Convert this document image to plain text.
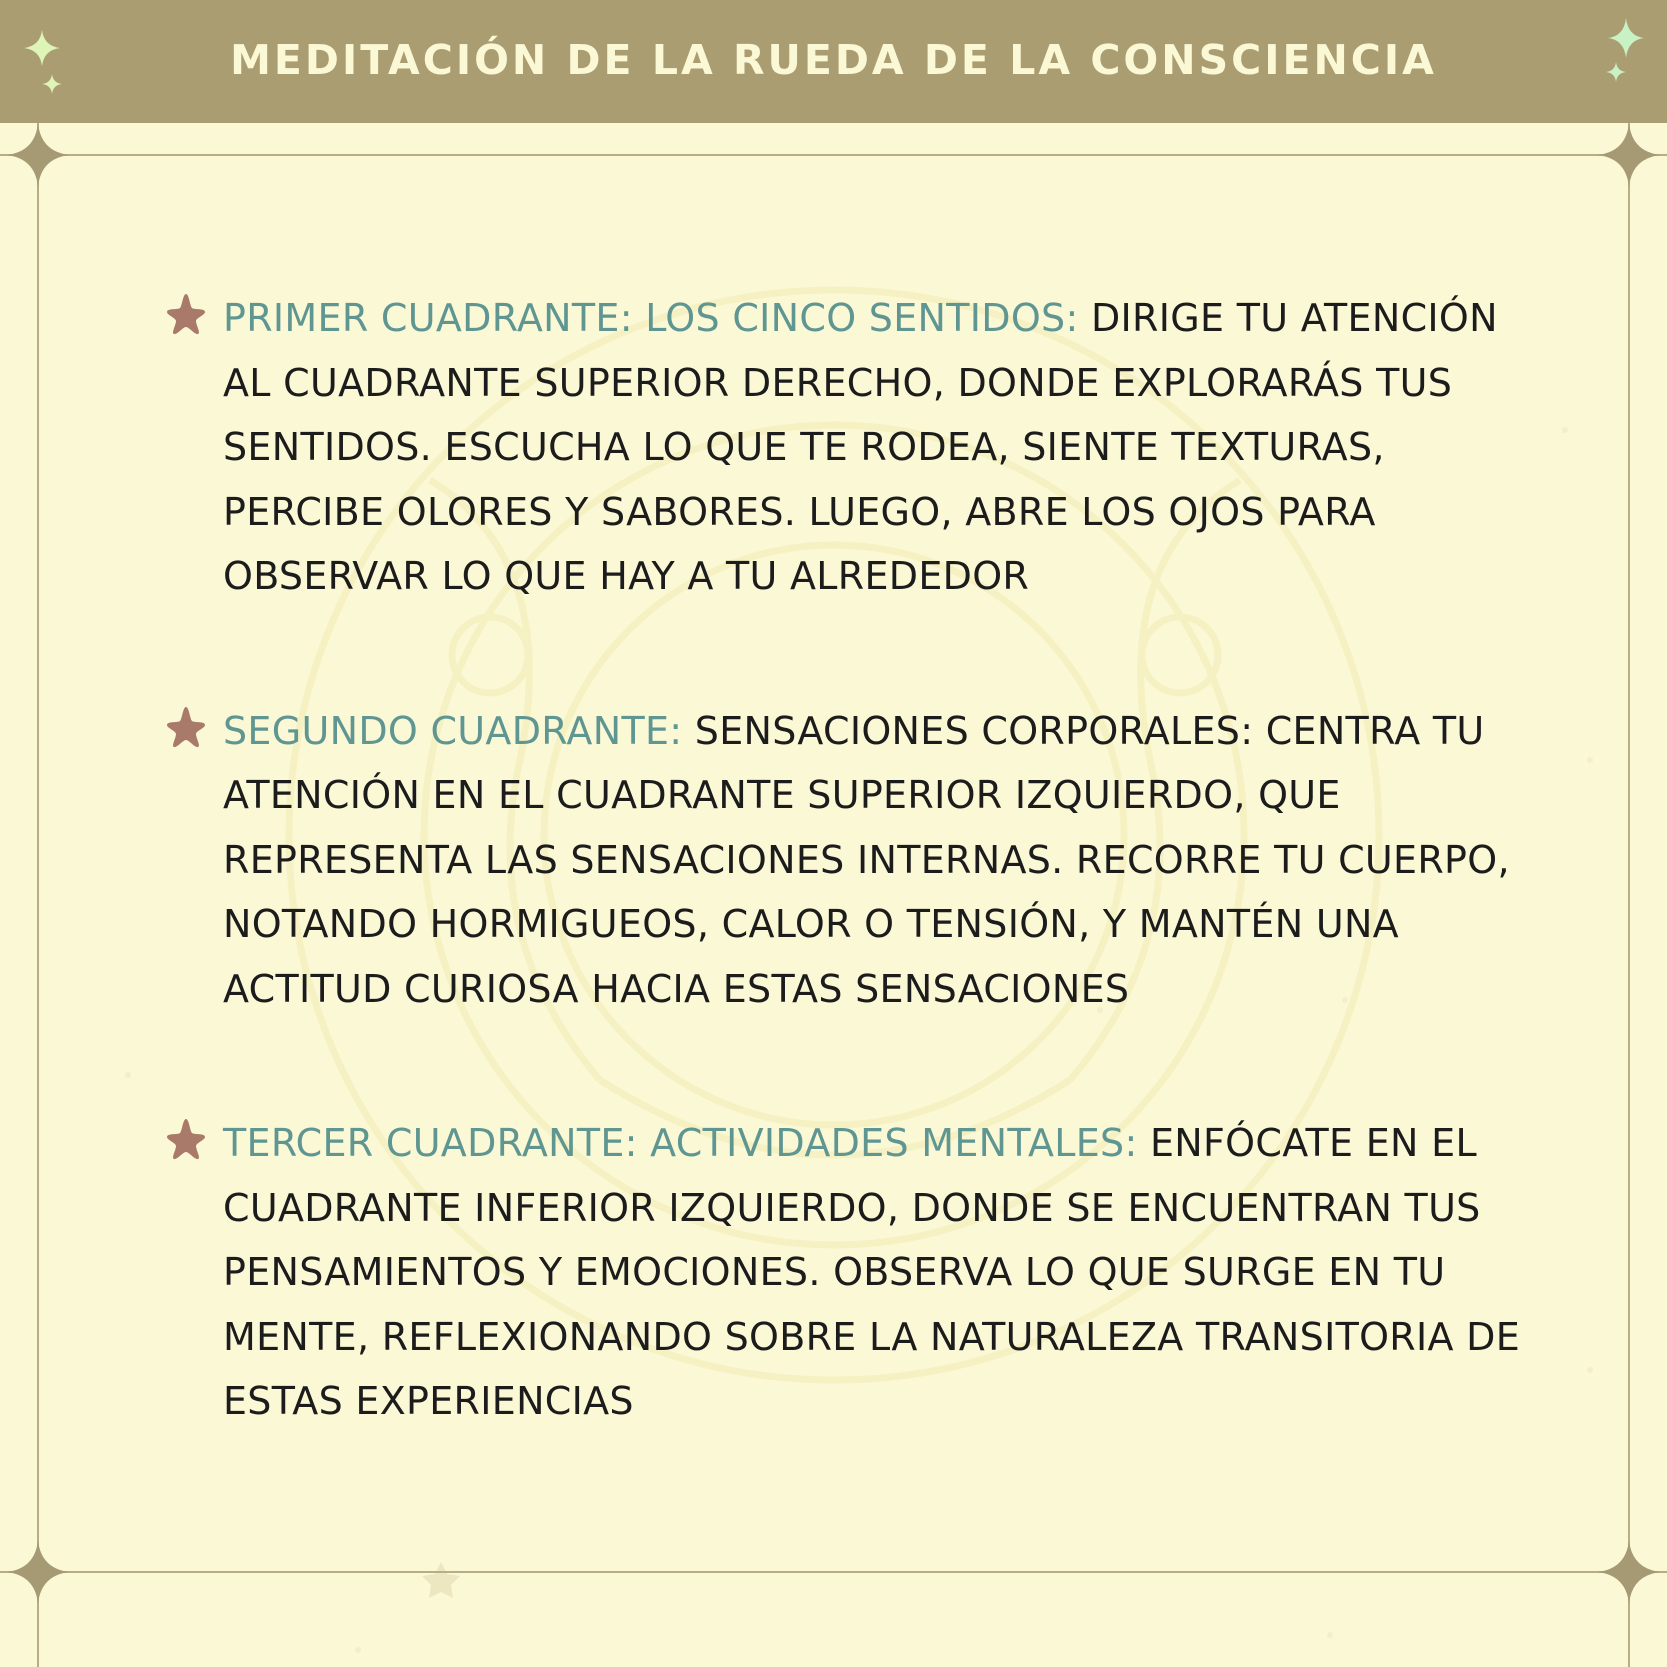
MEDITACIÓN DE LA RUEDA DE LA CONSCIENCIA
PRIMER CUADRANTE: LOS CINCO SENTIDOS: DIRIGE TU ATENCIÓN AL CUADRANTE SUPERIOR DERECHO, DONDE EXPLORARÁS TUS SENTIDOS. ESCUCHA LO QUE TE RODEA, SIENTE TEXTURAS, PERCIBE OLORES Y SABORES. LUEGO, ABRE LOS OJOS PARA OBSERVAR LO QUE HAY A TU ALREDEDOR
SEGUNDO CUADRANTE: SENSACIONES CORPORALES: CENTRA TU ATENCIÓN EN EL CUADRANTE SUPERIOR IZQUIERDO, QUE REPRESENTA LAS SENSACIONES INTERNAS. RECORRE TU CUERPO, NOTANDO HORMIGUEOS, CALOR O TENSIÓN, Y MANTÉN UNA ACTITUD CURIOSA HACIA ESTAS SENSACIONES
TERCER CUADRANTE: ACTIVIDADES MENTALES: ENFÓCATE EN EL CUADRANTE INFERIOR IZQUIERDO, DONDE SE ENCUENTRAN TUS PENSAMIENTOS Y EMOCIONES. OBSERVA LO QUE SURGE EN TU MENTE, REFLEXIONANDO SOBRE LA NATURALEZA TRANSITORIA DE ESTAS EXPERIENCIAS
